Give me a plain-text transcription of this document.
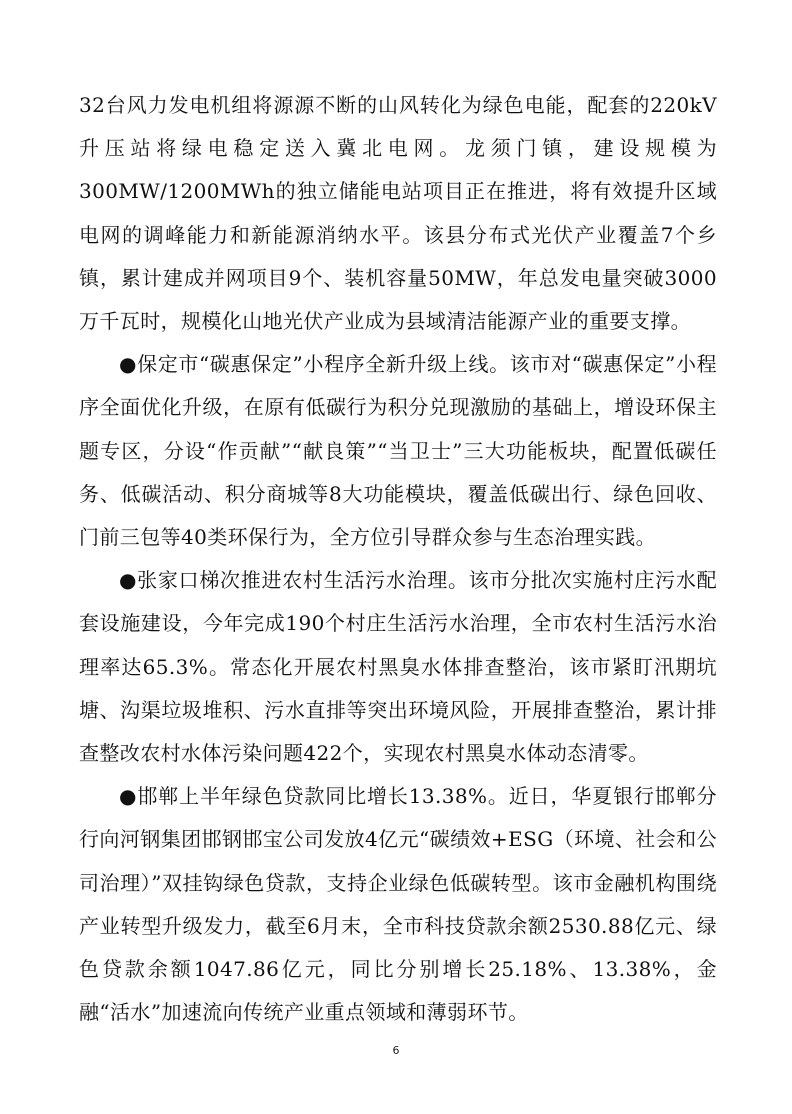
32台风力发电机组将源源不断的山风转化为绿色电能，配套的220kV升压站将绿电稳定送入冀北电网。龙须门镇，建设规模为300MW/1200MWh的独立储能电站项目正在推进，将有效提升区域电网的调峰能力和新能源消纳水平。该县分布式光伏产业覆盖7个乡镇，累计建成并网项目9个、装机容量50MW，年总发电量突破3000万千瓦时，规模化山地光伏产业成为县域清洁能源产业的重要支撑。

●保定市“碳惠保定”小程序全新升级上线。该市对“碳惠保定”小程序全面优化升级，在原有低碳行为积分兑现激励的基础上，增设环保主题专区，分设“作贡献”“献良策”“当卫士”三大功能板块，配置低碳任务、低碳活动、积分商城等8大功能模块，覆盖低碳出行、绿色回收、门前三包等40类环保行为，全方位引导群众参与生态治理实践。

●张家口梯次推进农村生活污水治理。该市分批次实施村庄污水配套设施建设，今年完成190个村庄生活污水治理，全市农村生活污水治理率达65.3%。常态化开展农村黑臭水体排查整治，该市紧盯汛期坑塘、沟渠垃圾堆积、污水直排等突出环境风险，开展排查整治，累计排查整改农村水体污染问题422个，实现农村黑臭水体动态清零。

●邯郸上半年绿色贷款同比增长13.38%。近日，华夏银行邯郸分行向河钢集团邯钢邯宝公司发放4亿元“碳绩效+ESG（环境、社会和公司治理）”双挂钩绿色贷款，支持企业绿色低碳转型。该市金融机构围绕产业转型升级发力，截至6月末，全市科技贷款余额2530.88亿元、绿色贷款余额1047.86亿元，同比分别增长25.18%、13.38%，金融“活水”加速流向传统产业重点领域和薄弱环节。

6
